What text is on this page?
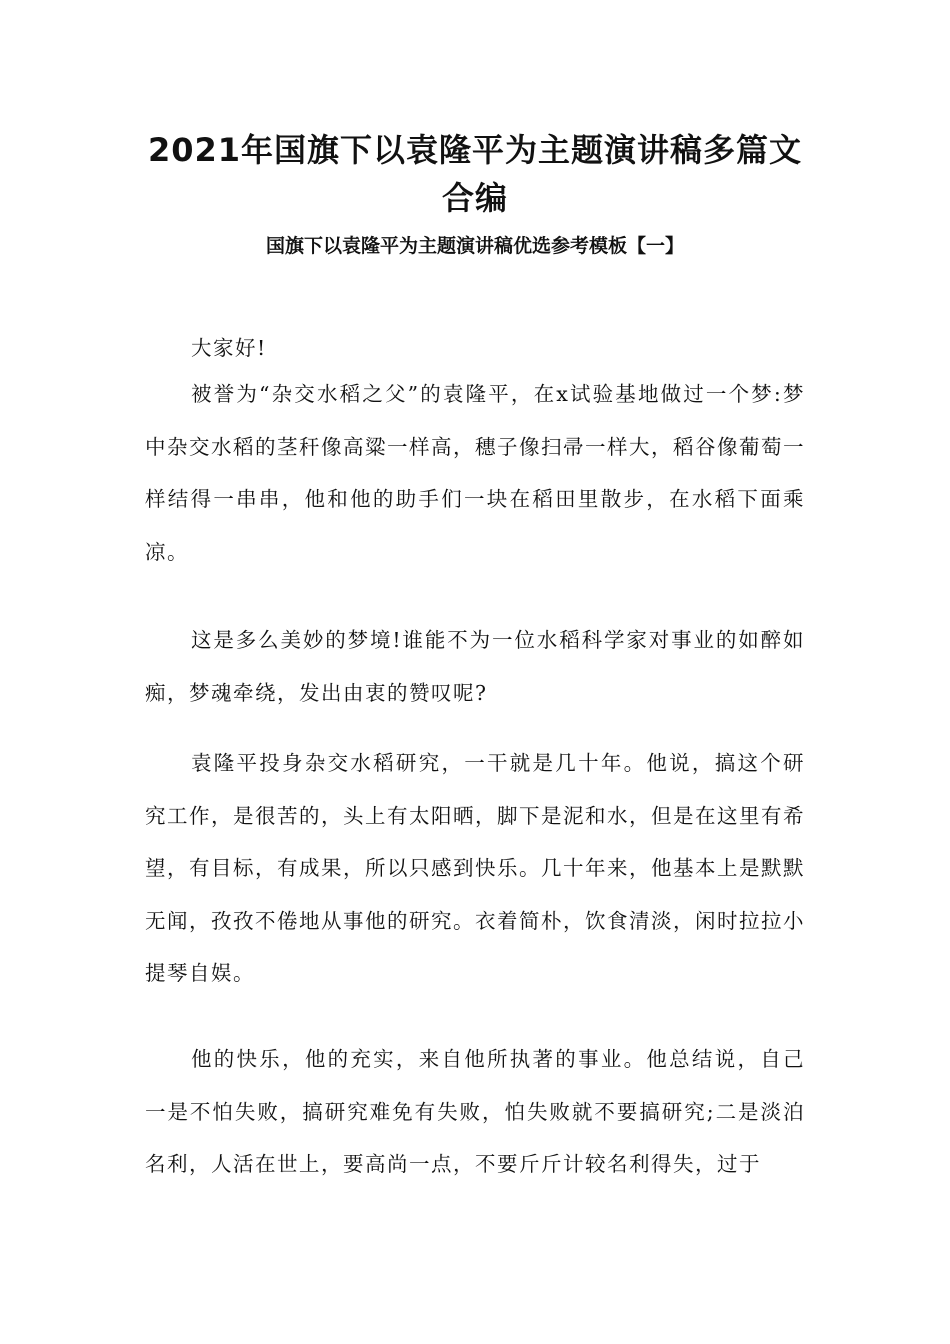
2021年国旗下以袁隆平为主题演讲稿多篇文
合编
国旗下以袁隆平为主题演讲稿优选参考模板【一】

大家好!

被誉为“杂交水稻之父”的袁隆平，在x试验基地做过一个梦:梦中杂交水稻的茎秆像高粱一样高，穗子像扫帚一样大，稻谷像葡萄一样结得一串串，他和他的助手们一块在稻田里散步，在水稻下面乘凉。

这是多么美妙的梦境!谁能不为一位水稻科学家对事业的如醉如痴，梦魂牵绕，发出由衷的赞叹呢?

袁隆平投身杂交水稻研究，一干就是几十年。他说，搞这个研究工作，是很苦的，头上有太阳晒，脚下是泥和水，但是在这里有希望，有目标，有成果，所以只感到快乐。几十年来，他基本上是默默无闻，孜孜不倦地从事他的研究。衣着简朴，饮食清淡，闲时拉拉小提琴自娱。

他的快乐，他的充实，来自他所执著的事业。他总结说，自己一是不怕失败，搞研究难免有失败，怕失败就不要搞研究;二是淡泊名利，人活在世上，要高尚一点，不要斤斤计较名利得失，过于
